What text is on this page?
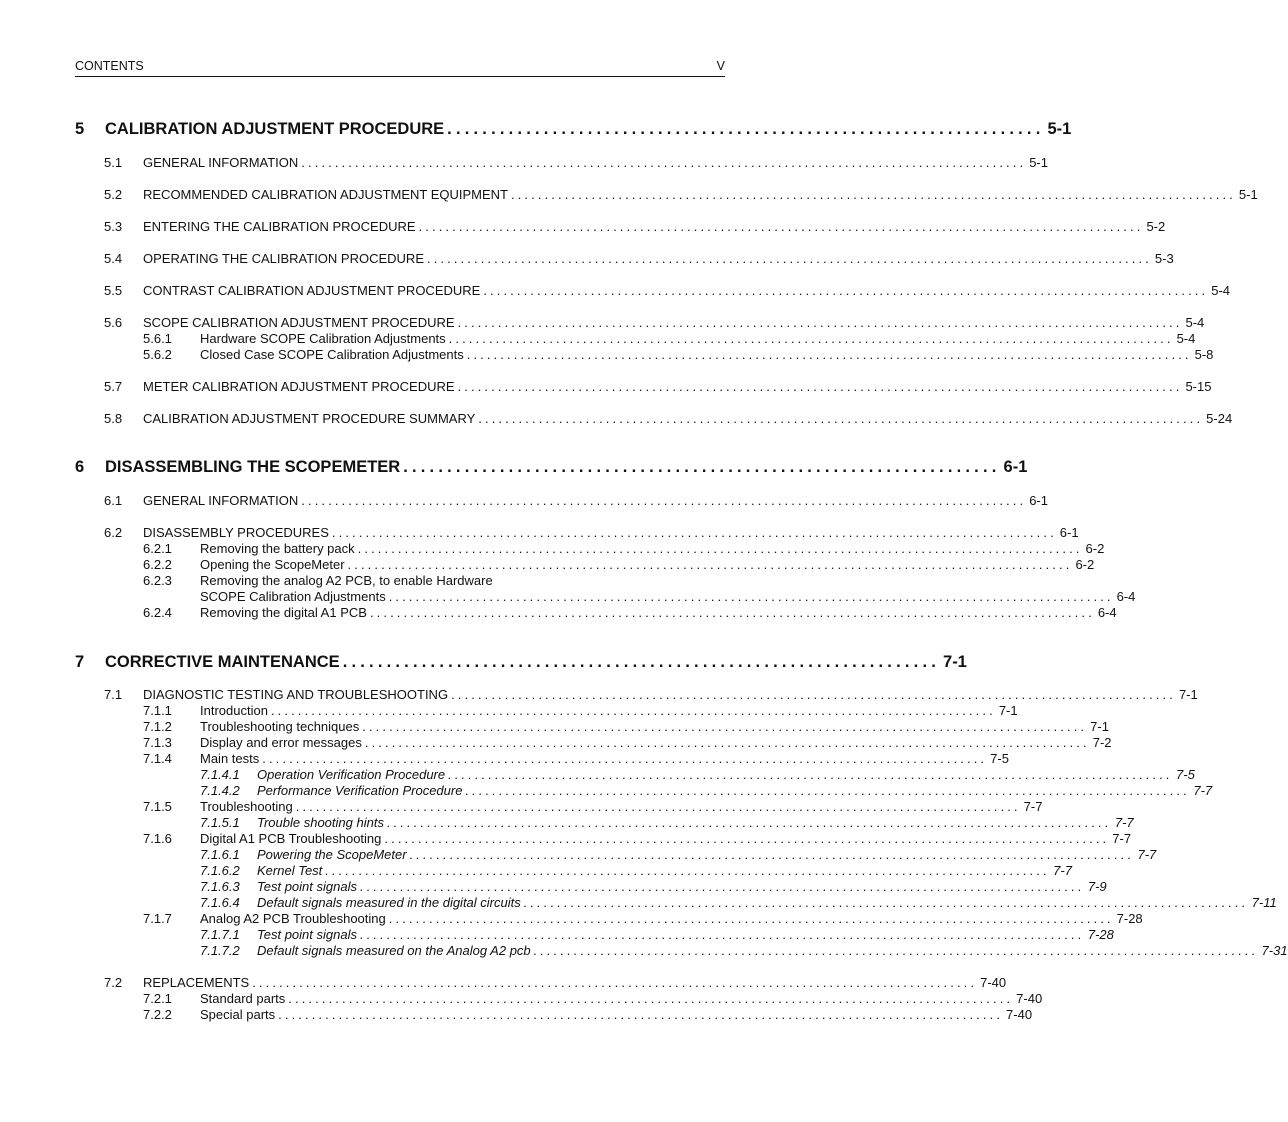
CONTENTS	V
5 CALIBRATION ADJUSTMENT PROCEDURE .................................................................... 5-1
5.1	GENERAL INFORMATION ............................................................................................................ 5-1
5.2	RECOMMENDED CALIBRATION ADJUSTMENT EQUIPMENT ............................................................................................................ 5-1
5.3	ENTERING THE CALIBRATION PROCEDURE ............................................................................................................ 5-2
5.4	OPERATING THE CALIBRATION PROCEDURE ............................................................................................................ 5-3
5.5	CONTRAST CALIBRATION ADJUSTMENT PROCEDURE ............................................................................................................ 5-4
5.6	SCOPE CALIBRATION ADJUSTMENT PROCEDURE ............................................................................................................ 5-4
5.6.1	Hardware SCOPE Calibration Adjustments ............................................................................................................ 5-4
5.6.2	Closed Case SCOPE Calibration Adjustments ............................................................................................................ 5-8
5.7	METER CALIBRATION ADJUSTMENT PROCEDURE ............................................................................................................ 5-15
5.8	CALIBRATION ADJUSTMENT PROCEDURE SUMMARY ............................................................................................................ 5-24
6 DISASSEMBLING THE SCOPEMETER .................................................................... 6-1
6.1	GENERAL INFORMATION ............................................................................................................ 6-1
6.2	DISASSEMBLY PROCEDURES ............................................................................................................ 6-1
6.2.1	Removing the battery pack ............................................................................................................ 6-2
6.2.2	Opening the ScopeMeter ............................................................................................................ 6-2
6.2.3	Removing the analog A2 PCB, to enable Hardware
SCOPE Calibration Adjustments ............................................................................................................ 6-4
6.2.4	Removing the digital A1 PCB ............................................................................................................ 6-4
7 CORRECTIVE MAINTENANCE .................................................................... 7-1
7.1	DIAGNOSTIC TESTING AND TROUBLESHOOTING ............................................................................................................ 7-1
7.1.1	Introduction ............................................................................................................ 7-1
7.1.2	Troubleshooting techniques ............................................................................................................ 7-1
7.1.3	Display and error messages ............................................................................................................ 7-2
7.1.4	Main tests ............................................................................................................ 7-5
7.1.4.1	Operation Verification Procedure ............................................................................................................ 7-5
7.1.4.2	Performance Verification Procedure ............................................................................................................ 7-7
7.1.5	Troubleshooting ............................................................................................................ 7-7
7.1.5.1	Trouble shooting hints ............................................................................................................ 7-7
7.1.6	Digital A1 PCB Troubleshooting ............................................................................................................ 7-7
7.1.6.1	Powering the ScopeMeter ............................................................................................................ 7-7
7.1.6.2	Kernel Test ............................................................................................................ 7-7
7.1.6.3	Test point signals ............................................................................................................ 7-9
7.1.6.4	Default signals measured in the digital circuits ............................................................................................................ 7-11
7.1.7	Analog A2 PCB Troubleshooting ............................................................................................................ 7-28
7.1.7.1	Test point signals ............................................................................................................ 7-28
7.1.7.2	Default signals measured on the Analog A2 pcb ............................................................................................................ 7-31
7.2	REPLACEMENTS ............................................................................................................ 7-40
7.2.1	Standard parts ............................................................................................................ 7-40
7.2.2	Special parts ............................................................................................................ 7-40
